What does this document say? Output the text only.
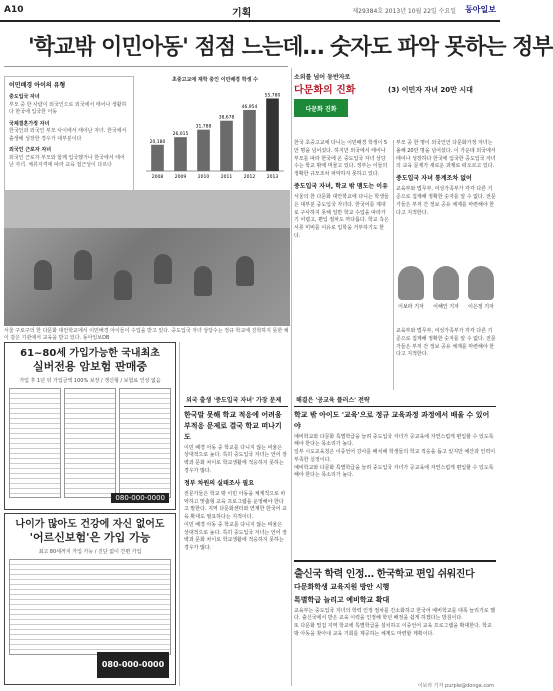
A10	기획	제29384호 2013년 10월 22일 수요일 동아일보
'학교밖 이민아동' 점점 느는데… 숫자도 파악 못하는 정부
이민배경 아이의 유형
중도입국 자녀
부모 중 한 사람이 외국인으로 외국에서 태어나 생활하다 한국에 입국한 아동
국제결혼가정 자녀
한국인과 외국인 부모 사이에서 태어난 자녀. 한국에서 출생해 성장한 경우가 대부분이다
외국인 근로자 자녀
외국인 근로자 부모와 함께 입국했거나 한국에서 태어난 자녀. 체류자격에 따라 교육 접근성이 다르다
초중고교에 재학 중인 이민배경 학생 수
20,180
2008
26,015
2009
31,788
2010
38,678
2011
46,954
2012
55,780
2013
서울 구로구의 한 다문화 대안학교에서 이민배경 아이들이 수업을 받고 있다. 중도입국 자녀 상당수는 정규 학교에 진학하지 못한 채 이 같은 기관에서 교육을 받고 있다. 동아일보DB
61~80세 가입가능한 국내최초
실버전용 암보험 판매중
가입 후 1년 뒤 가입금액 100% 보장 / 갱신형 / 보험료 인상 없음
080-000-0000
나이가 많아도 건강에 자신 없어도
'어르신보험'은 가입 가능
최고 80세까지 가입 가능 / 진단 없이 간편 가입
080-000-0000
소외를 넘어 동반자로
다문화의 진화
다문화 진화
(3) 이민자 자녀 20만 시대

한국 초중고교에 다니는 이민배경 학생이 5만 명을 넘어섰다. 하지만 외국에서 태어나 부모를 따라 한국에 온 중도입국 자녀 상당수는 학교 밖에 머물고 있다. 정부는 이들의 정확한 규모조차 파악하지 못하고 있다.

중도입국 자녀, 학교 밖 맴도는 이유

서울의 한 다문화 대안학교에 다니는 학생들은 대부분 중도입국 자녀다. 한국어를 제대로 구사하지 못해 일반 학교 수업을 따라가기 어렵고, 편입 절차도 까다롭다. 학교 측은 서류 미비를 이유로 입학을 거부하기도 한다.

부모 중 한 명이 외국인인 다문화가정 자녀는 올해 20만 명을 넘어섰다. 이 가운데 외국에서 태어나 성장하다 한국에 입국한 중도입국 자녀의 교육 문제가 새로운 과제로 떠오르고 있다.

중도입국 자녀 통계조차 없어

교육부와 법무부, 여성가족부가 각각 다른 기준으로 집계해 정확한 숫자를 알 수 없다. 전문가들은 부처 간 정보 공유 체계를 마련해야 한다고 지적한다.

이보라 기자	이해인 기자	이은정 기자

교육부와 법무부, 여성가족부가 각각 다른 기준으로 집계해 정확한 숫자를 알 수 없다. 전문가들은 부처 간 정보 공유 체계를 마련해야 한다고 지적한다.

외국 출생 '중도입국 자녀' 가장 문제
한국말 못해 학교 적응에 어려움 부적응 문제로 결국 학교 떠나기도

이민 배경 아동 중 학교를 다니지 않는 비율은 상대적으로 높다. 특히 중도입국 자녀는 언어 장벽과 문화 차이로 학교생활에 적응하지 못하는 경우가 많다.

정부 차원의 실태조사 필요

전문가들은 학교 밖 이민 아동을 체계적으로 파악하고 맞춤형 교육 프로그램을 운영해야 한다고 말한다. 지역 다문화센터와 연계한 한국어 교육 확대도 필요하다는 지적이다.

이민 배경 아동 중 학교를 다니지 않는 비율은 상대적으로 높다. 특히 중도입국 자녀는 언어 장벽과 문화 차이로 학교생활에 적응하지 못하는 경우가 많다.

해결은 '공교육 플러스' 전략
학교 밖 아이도 '교육'으로 정규 교육과정 과정에서 배울 수 있어야

예비학교와 다문화 특별학급을 늘려 중도입국 자녀가 공교육에 자연스럽게 편입할 수 있도록 해야 한다는 목소리가 높다.

일부 시도교육청은 이중언어 강사를 배치해 학생들의 학교 적응을 돕고 있지만 예산과 인력이 부족한 실정이다.

예비학교와 다문화 특별학급을 늘려 중도입국 자녀가 공교육에 자연스럽게 편입할 수 있도록 해야 한다는 목소리가 높다.

출신국 학력 인정… 한국학교 편입 쉬워진다
다문화학생 교육지원 방안 시행
특별학급 늘리고 예비학교 확대

교육부는 중도입국 자녀의 학력 인정 절차를 간소화하고 한국어 예비학교를 대폭 늘리기로 했다. 출신국에서 받은 교육 이력을 인정해 학년 배정을 쉽게 하겠다는 방침이다.

또 다문화 밀집 지역 학교에 특별학급을 설치하고 이중언어 교육 프로그램을 확대한다. 학교 밖 아동을 찾아내 교육 기회를 제공하는 체계도 마련할 계획이다.

이보라 기자 purple@donga.com
